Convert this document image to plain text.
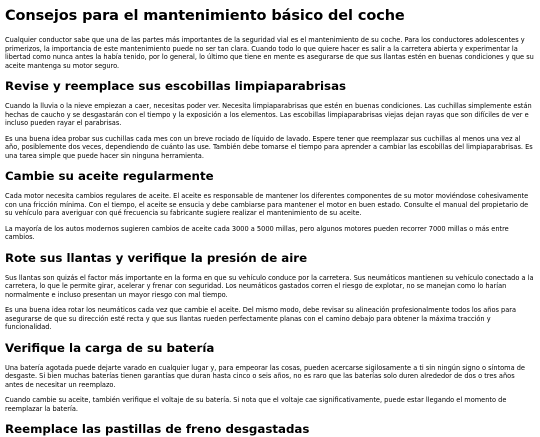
Consejos para el mantenimiento básico del coche

Cualquier conductor sabe que una de las partes más importantes de la seguridad vial es el mantenimiento de su coche. Para los conductores adolescentes y primerizos, la importancia de este mantenimiento puede no ser tan clara. Cuando todo lo que quiere hacer es salir a la carretera abierta y experimentar la libertad como nunca antes la había tenido, por lo general, lo último que tiene en mente es asegurarse de que sus llantas estén en buenas condiciones y que su aceite mantenga su motor seguro.

Revise y reemplace sus escobillas limpiaparabrisas

Cuando la lluvia o la nieve empiezan a caer, necesitas poder ver. Necesita limpiaparabrisas que estén en buenas condiciones. Las cuchillas simplemente están hechas de caucho y se desgastarán con el tiempo y la exposición a los elementos. Las escobillas limpiaparabrisas viejas dejan rayas que son difíciles de ver e incluso pueden rayar el parabrisas.

Es una buena idea probar sus cuchillas cada mes con un breve rociado de líquido de lavado. Espere tener que reemplazar sus cuchillas al menos una vez al año, posiblemente dos veces, dependiendo de cuánto las use. También debe tomarse el tiempo para aprender a cambiar las escobillas del limpiaparabrisas. Es una tarea simple que puede hacer sin ninguna herramienta.

Cambie su aceite regularmente

Cada motor necesita cambios regulares de aceite. El aceite es responsable de mantener los diferentes componentes de su motor moviéndose cohesivamente con una fricción mínima. Con el tiempo, el aceite se ensucia y debe cambiarse para mantener el motor en buen estado. Consulte el manual del propietario de su vehículo para averiguar con qué frecuencia su fabricante sugiere realizar el mantenimiento de su aceite.

La mayoría de los autos modernos sugieren cambios de aceite cada 3000 a 5000 millas, pero algunos motores pueden recorrer 7000 millas o más entre cambios.

Rote sus llantas y verifique la presión de aire

Sus llantas son quizás el factor más importante en la forma en que su vehículo conduce por la carretera. Sus neumáticos mantienen su vehículo conectado a la carretera, lo que le permite girar, acelerar y frenar con seguridad. Los neumáticos gastados corren el riesgo de explotar, no se manejan como lo harían normalmente e incluso presentan un mayor riesgo con mal tiempo.

Es una buena idea rotar los neumáticos cada vez que cambie el aceite. Del mismo modo, debe revisar su alineación profesionalmente todos los años para asegurarse de que su dirección esté recta y que sus llantas rueden perfectamente planas con el camino debajo para obtener la máxima tracción y funcionalidad.

Verifique la carga de su batería

Una batería agotada puede dejarte varado en cualquier lugar y, para empeorar las cosas, pueden acercarse sigilosamente a ti sin ningún signo o síntoma de desgaste. Si bien muchas baterías tienen garantías que duran hasta cinco o seis años, no es raro que las baterías solo duren alrededor de dos o tres años antes de necesitar un reemplazo.

Cuando cambie su aceite, también verifique el voltaje de su batería. Si nota que el voltaje cae significativamente, puede estar llegando el momento de reemplazar la batería.

Reemplace las pastillas de freno desgastadas
